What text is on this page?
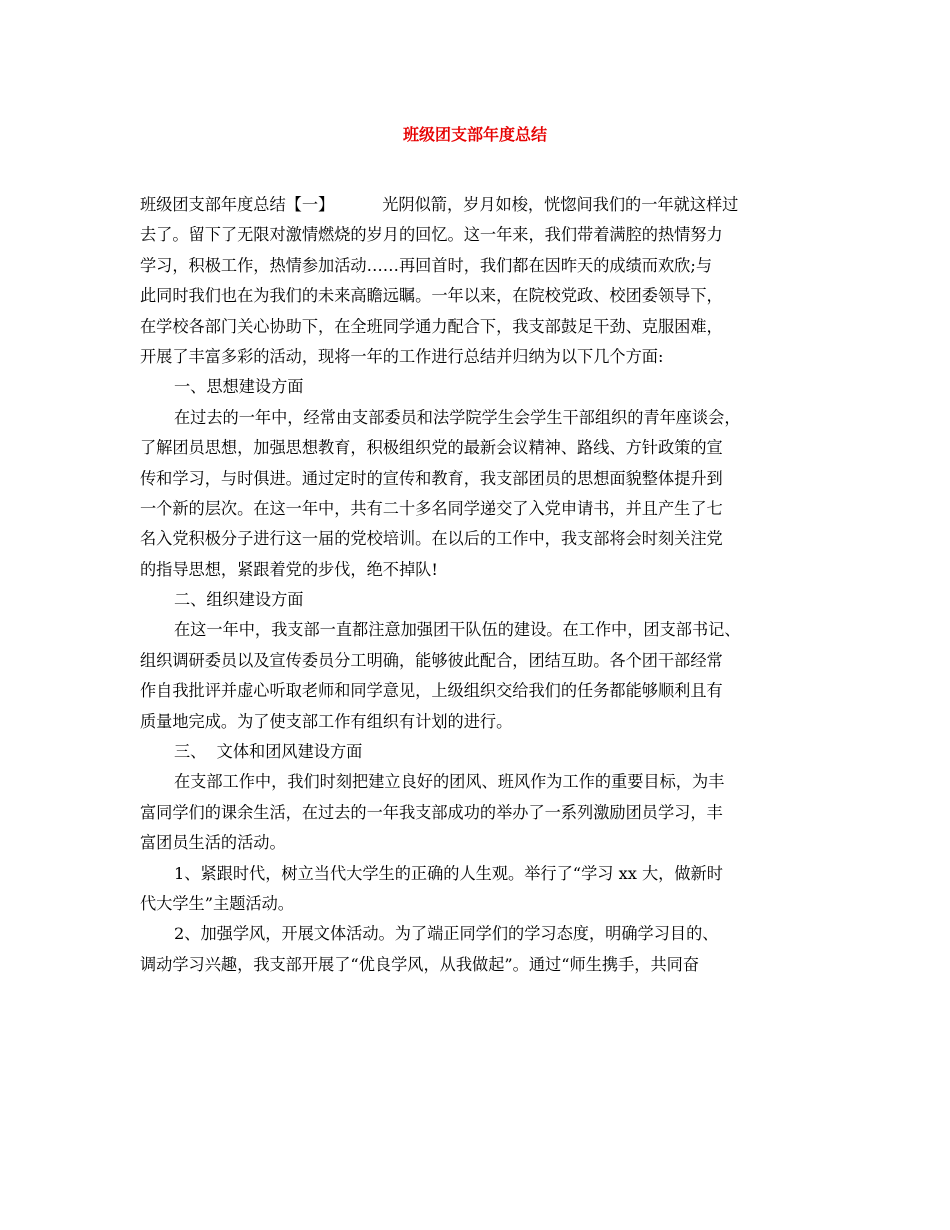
班级团支部年度总结
班级团支部年度总结【一】	光阴似箭，岁月如梭，恍惚间我们的一年就这样过
去了。留下了无限对激情燃烧的岁月的回忆。这一年来，我们带着满腔的热情努力
学习，积极工作，热情参加活动……再回首时，我们都在因昨天的成绩而欢欣;与
此同时我们也在为我们的未来高瞻远瞩。一年以来，在院校党政、校团委领导下，
在学校各部门关心协助下，在全班同学通力配合下，我支部鼓足干劲、克服困难，
开展了丰富多彩的活动，现将一年的工作进行总结并归纳为以下几个方面:
一、思想建设方面
在过去的一年中，经常由支部委员和法学院学生会学生干部组织的青年座谈会，
了解团员思想，加强思想教育，积极组织党的最新会议精神、路线、方针政策的宣
传和学习，与时俱进。通过定时的宣传和教育，我支部团员的思想面貌整体提升到
一个新的层次。在这一年中，共有二十多名同学递交了入党申请书，并且产生了七
名入党积极分子进行这一届的党校培训。在以后的工作中，我支部将会时刻关注党
的指导思想，紧跟着党的步伐，绝不掉队!
二、组织建设方面
在这一年中，我支部一直都注意加强团干队伍的建设。在工作中，团支部书记、
组织调研委员以及宣传委员分工明确，能够彼此配合，团结互助。各个团干部经常
作自我批评并虚心听取老师和同学意见，上级组织交给我们的任务都能够顺利且有
质量地完成。为了使支部工作有组织有计划的进行。
三、  文体和团风建设方面
在支部工作中，我们时刻把建立良好的团风、班风作为工作的重要目标，为丰
富同学们的课余生活，在过去的一年我支部成功的举办了一系列激励团员学习，丰
富团员生活的活动。
1、紧跟时代，树立当代大学生的正确的人生观。举行了“学习 xx 大，做新时
代大学生”主题活动。
2、加强学风，开展文体活动。为了端正同学们的学习态度，明确学习目的、
调动学习兴趣，我支部开展了“优良学风，从我做起”。通过“师生携手，共同奋
